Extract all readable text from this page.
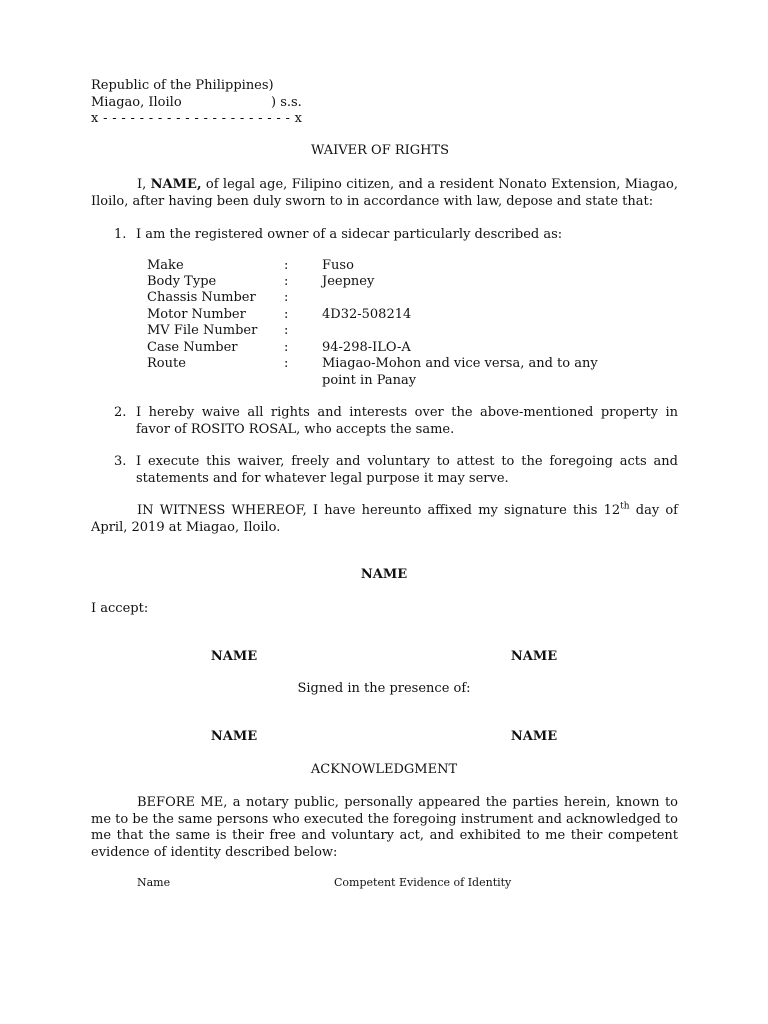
Republic of the Philippines)
Miagao, Iloilo	) s.s.
x - - - - - - - - - - - - - - - - - - - - - x
WAIVER OF RIGHTS
I, NAME, of legal age, Filipino citizen, and a resident Nonato Extension, Miagao, Iloilo, after having been duly sworn to in accordance with law, depose and state that:
1. I am the registered owner of a sidecar particularly described as:
Make	:	Fuso
Body Type	:	Jeepney
Chassis Number :
Motor Number	:	4D32-508214
MV File Number :
Case Number	:	94-298-ILO-A
Route	:	Miagao-Mohon and vice versa, and to any
point in Panay
2. I hereby waive all rights and interests over the above-mentioned property in favor of ROSITO ROSAL, who accepts the same.
3. I execute this waiver, freely and voluntary to attest to the foregoing acts and statements and for whatever legal purpose it may serve.
IN WITNESS WHEREOF, I have hereunto affixed my signature this 12th day of April, 2019 at Miagao, Iloilo.
NAME
I accept:
NAME	NAME
Signed in the presence of:
NAME	NAME
ACKNOWLEDGMENT
BEFORE ME, a notary public, personally appeared the parties herein, known to me to be the same persons who executed the foregoing instrument and acknowledged to me that the same is their free and voluntary act, and exhibited to me their competent evidence of identity described below:
Name	Competent Evidence of Identity
